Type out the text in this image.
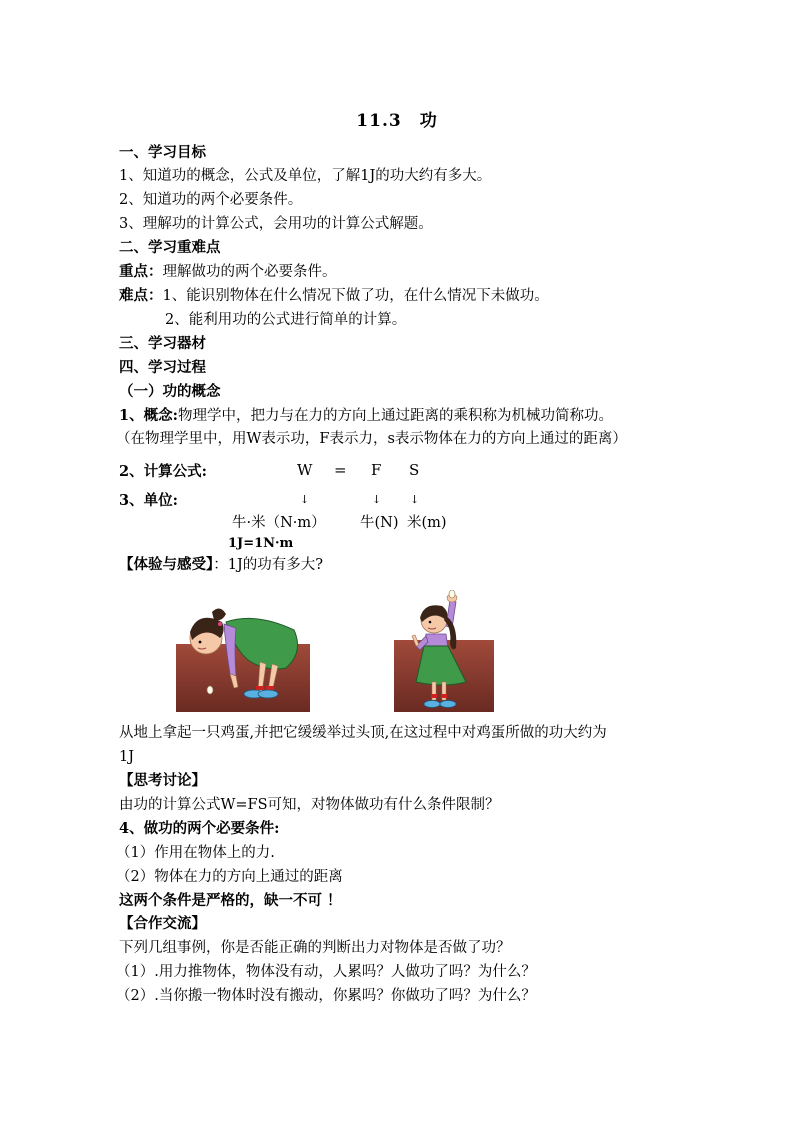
11.3　功
一、学习目标
1、知道功的概念，公式及单位，了解1J的功大约有多大。
2、知道功的两个必要条件。
3、理解功的计算公式，会用功的计算公式解题。
二、学习重难点
重点：理解做功的两个必要条件。
难点：1、能识别物体在什么情况下做了功，在什么情况下未做功。
2、能利用功的公式进行简单的计算。
三、学习器材
四、学习过程
（一）功的概念
1、概念:物理学中，把力与在力的方向上通过距离的乘积称为机械功简称功。
（在物理学里中，用W表示功，F表示力，s表示物体在力的方向上通过的距离）
2、计算公式:	W = F S
3、单位:	↓	↓	↓
牛·米（N·m） 牛(N) 米(m)
1J=1N·m
【体验与感受】：1J的功有多大?
从地上拿起一只鸡蛋,并把它缓缓举过头顶,在这过程中对鸡蛋所做的功大约为
1J
【思考讨论】
由功的计算公式W=FS可知，对物体做功有什么条件限制？
4、做功的两个必要条件:
（1）作用在物体上的力.
（2）物体在力的方向上通过的距离
这两个条件是严格的，缺一不可 ！
【合作交流】
下列几组事例，你是否能正确的判断出力对物体是否做了功？
（1）.用力推物体，物体没有动，人累吗？人做功了吗？为什么？
（2）.当你搬一物体时没有搬动，你累吗？你做功了吗？为什么？
